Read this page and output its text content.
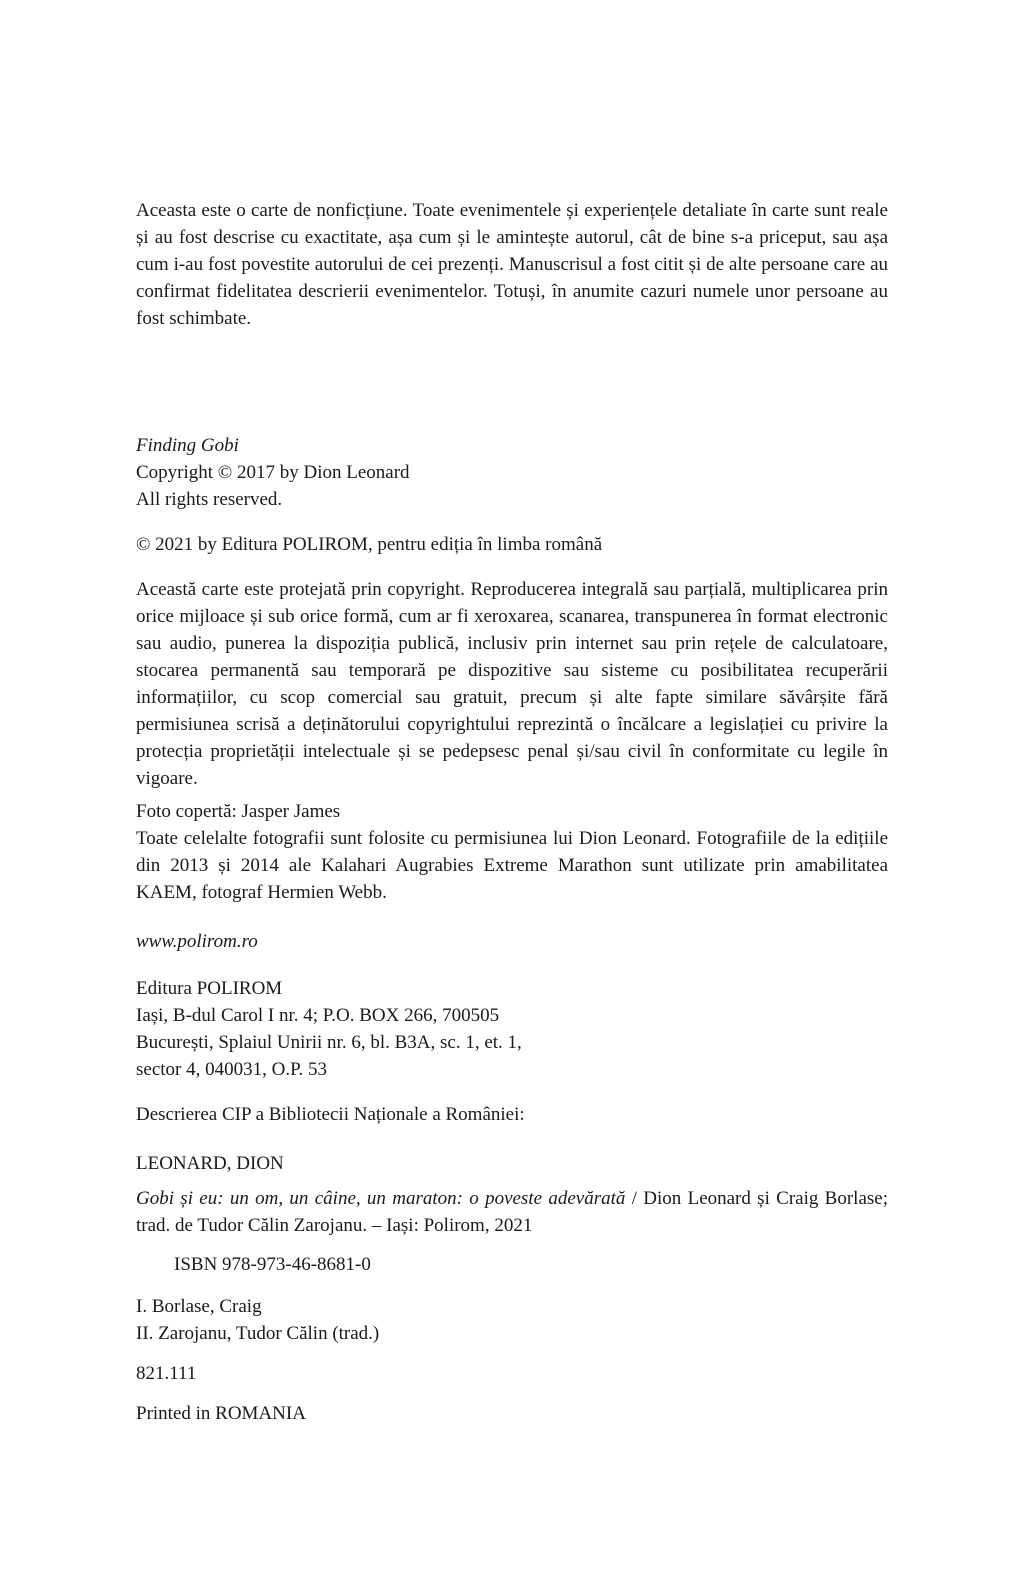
Aceasta este o carte de nonficțiune. Toate evenimentele și experiențele detaliate în carte sunt reale și au fost descrise cu exactitate, așa cum și le amintește autorul, cât de bine s-a priceput, sau așa cum i-au fost povestite autorului de cei prezenți. Manuscrisul a fost citit și de alte persoane care au confirmat fidelitatea descrierii evenimentelor. Totuși, în anumite cazuri numele unor persoane au fost schimbate.

Finding Gobi
Copyright © 2017 by Dion Leonard
All rights reserved.
© 2021 by Editura POLIROM, pentru ediția în limba română

Această carte este protejată prin copyright. Reproducerea integrală sau parțială, multiplicarea prin orice mijloace și sub orice formă, cum ar fi xeroxarea, scanarea, transpunerea în format electronic sau audio, punerea la dispoziția publică, inclusiv prin internet sau prin rețele de calculatoare, stocarea permanentă sau temporară pe dispozitive sau sisteme cu posibilitatea recuperării informațiilor, cu scop comercial sau gratuit, precum și alte fapte similare săvârșite fără permisiunea scrisă a deținătorului copyrightului reprezintă o încălcare a legislației cu privire la protecția proprietății intelectuale și se pedepsesc penal și/sau civil în conformitate cu legile în vigoare.

Foto copertă: Jasper James
Toate celelalte fotografii sunt folosite cu permisiunea lui Dion Leonard. Fotografiile de la edițiile din 2013 și 2014 ale Kalahari Augrabies Extreme Marathon sunt utilizate prin amabilitatea KAEM, fotograf Hermien Webb.
www.polirom.ro
Editura POLIROM
Iași, B-dul Carol I nr. 4; P.O. BOX 266, 700505
București, Splaiul Unirii nr. 6, bl. B3A, sc. 1, et. 1,
sector 4, 040031, O.P. 53
Descrierea CIP a Bibliotecii Naționale a României:
LEONARD, DION

Gobi și eu: un om, un câine, un maraton: o poveste adevărată / Dion Leonard și Craig Borlase; trad. de Tudor Călin Zarojanu. – Iași: Polirom, 2021

ISBN 978-973-46-8681-0
I. Borlase, Craig
II. Zarojanu, Tudor Călin (trad.)
821.111
Printed in ROMANIA
